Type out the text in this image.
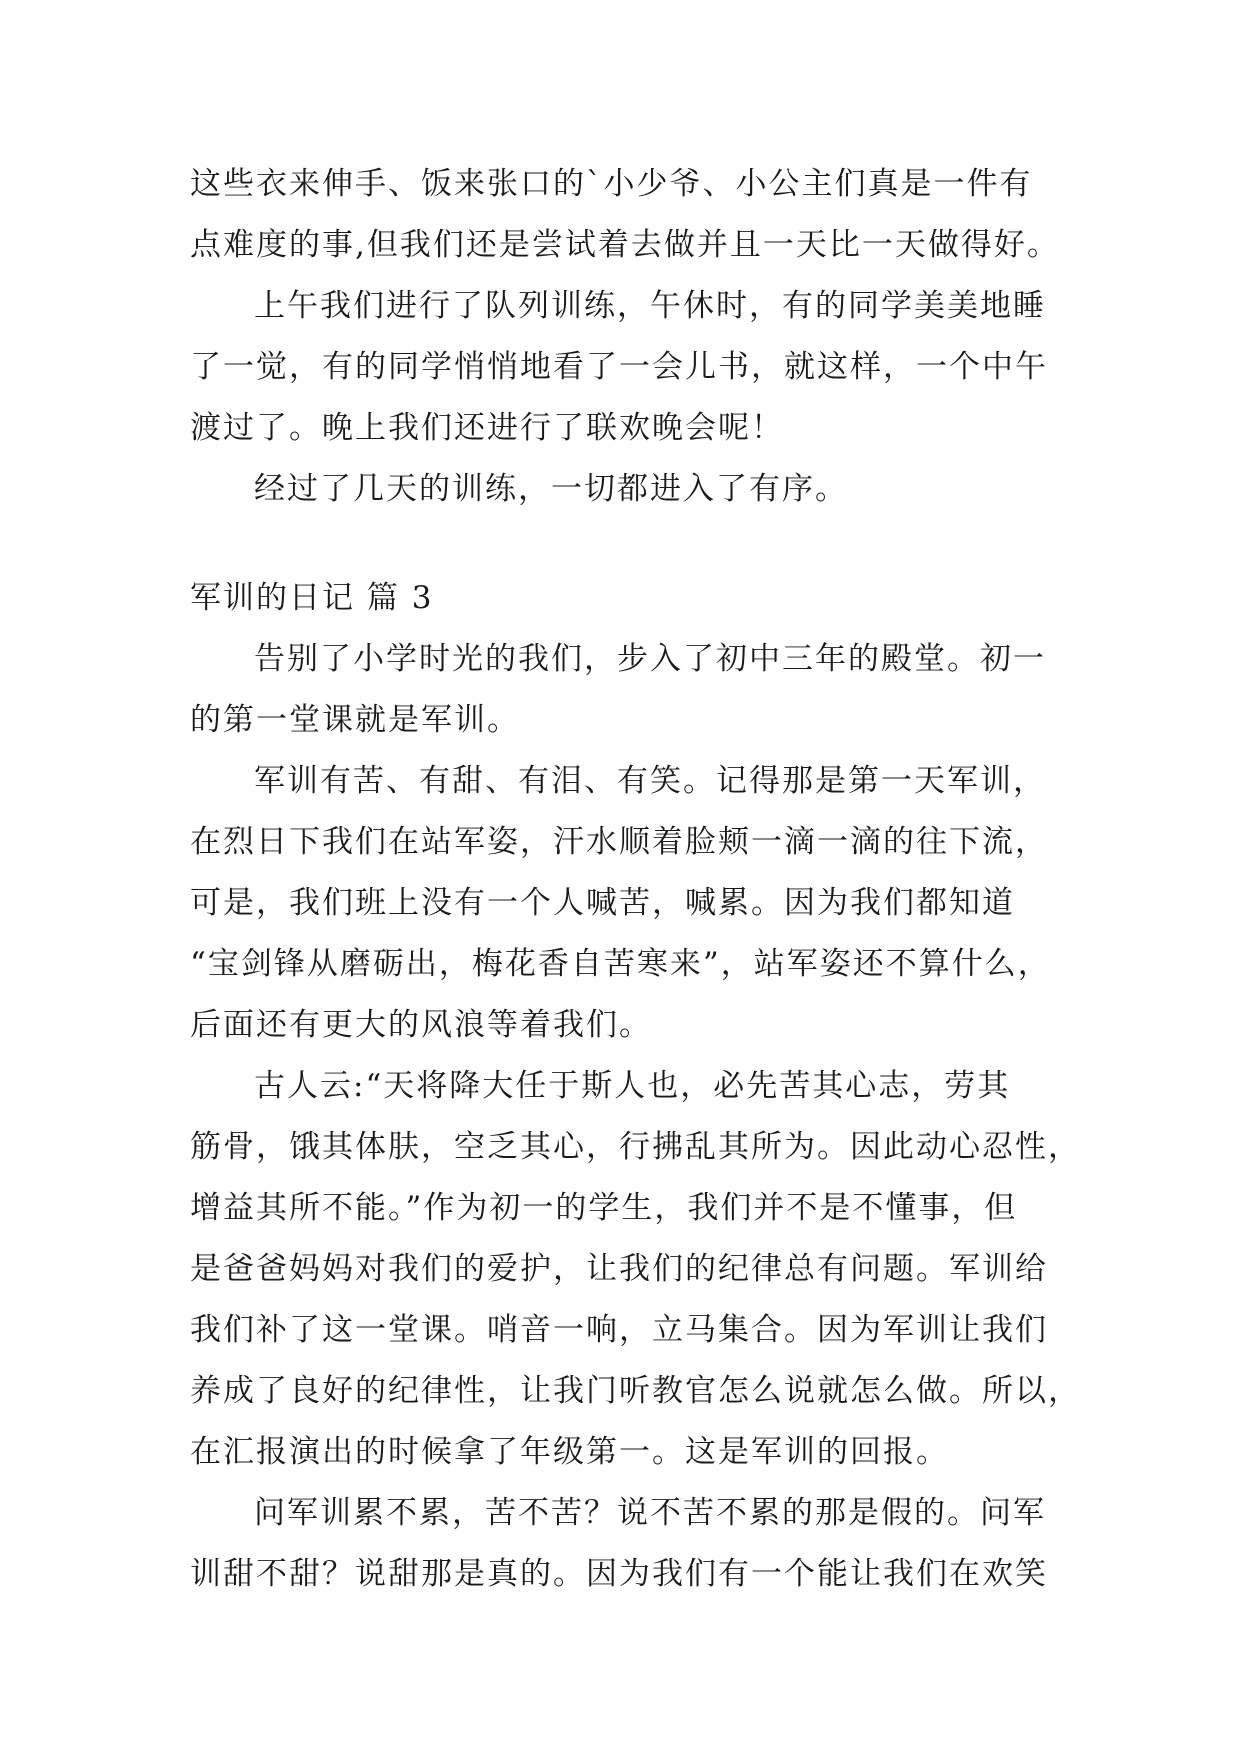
这些衣来伸手、饭来张口的`小少爷、小公主们真是一件有
点难度的事,但我们还是尝试着去做并且一天比一天做得好。
上午我们进行了队列训练，午休时，有的同学美美地睡
了一觉，有的同学悄悄地看了一会儿书，就这样，一个中午
渡过了。晚上我们还进行了联欢晚会呢！
经过了几天的训练，一切都进入了有序。
军训的日记 篇 3
告别了小学时光的我们，步入了初中三年的殿堂。初一
的第一堂课就是军训。
军训有苦、有甜、有泪、有笑。记得那是第一天军训，
在烈日下我们在站军姿，汗水顺着脸颊一滴一滴的往下流，
可是，我们班上没有一个人喊苦，喊累。因为我们都知道
“宝剑锋从磨砺出，梅花香自苦寒来”，站军姿还不算什么，
后面还有更大的风浪等着我们。
古人云:“天将降大任于斯人也，必先苦其心志，劳其
筋骨，饿其体肤，空乏其心，行拂乱其所为。因此动心忍性，
增益其所不能。”作为初一的学生，我们并不是不懂事，但
是爸爸妈妈对我们的爱护，让我们的纪律总有问题。军训给
我们补了这一堂课。哨音一响，立马集合。因为军训让我们
养成了良好的纪律性，让我门听教官怎么说就怎么做。所以，
在汇报演出的时候拿了年级第一。这是军训的回报。
问军训累不累，苦不苦？说不苦不累的那是假的。问军
训甜不甜？说甜那是真的。因为我们有一个能让我们在欢笑
